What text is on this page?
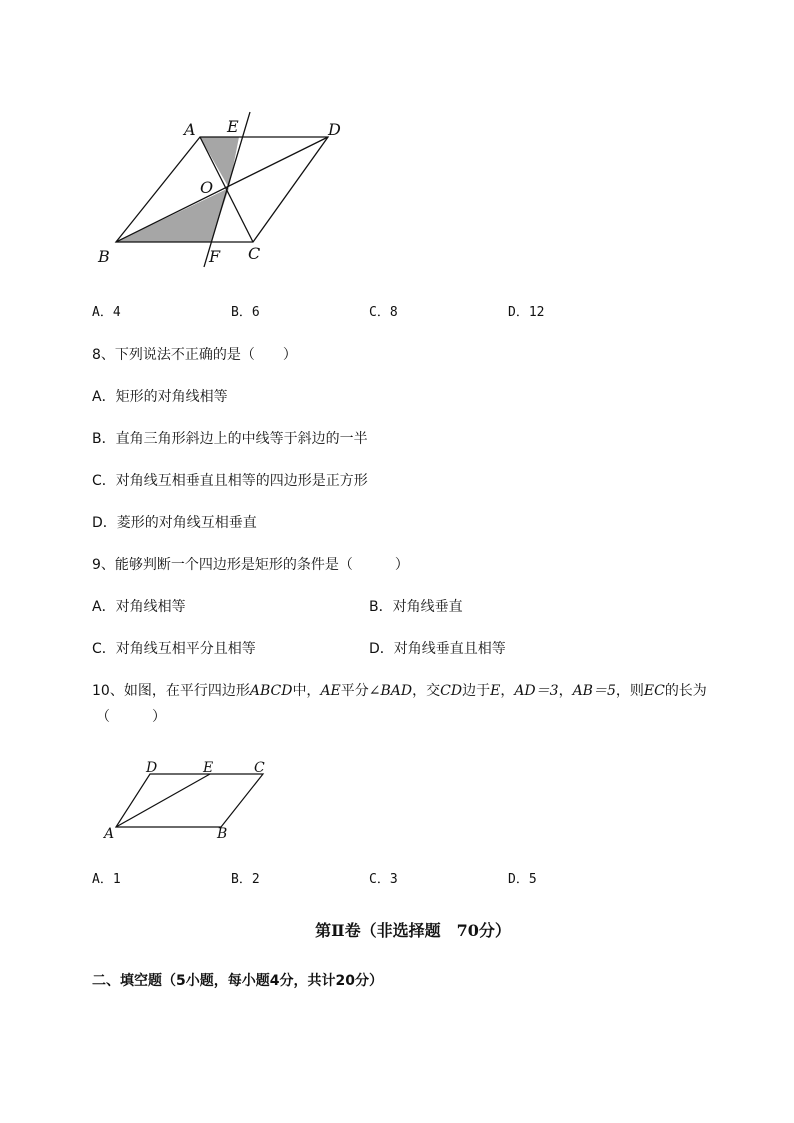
A E	D
O
B	F C
A．4	B．6	C．8	D．12
8、下列说法不正确的是（　　）
A．矩形的对角线相等
B．直角三角形斜边上的中线等于斜边的一半
C．对角线互相垂直且相等的四边形是正方形
D．菱形的对角线互相垂直
9、能够判断一个四边形是矩形的条件是（　　　）
A．对角线相等	B．对角线垂直
C．对角线互相平分且相等	D．对角线垂直且相等
10、如图，在平行四边形ABCD中，AE平分∠BAD，交CD边于E，AD＝3，AB＝5，则EC的长为
（　　　）
D	E	C
A	B
A．1	B．2	C．3	D．5
第Ⅱ卷（非选择题　70分）
二、填空题（5小题，每小题4分，共计20分）
